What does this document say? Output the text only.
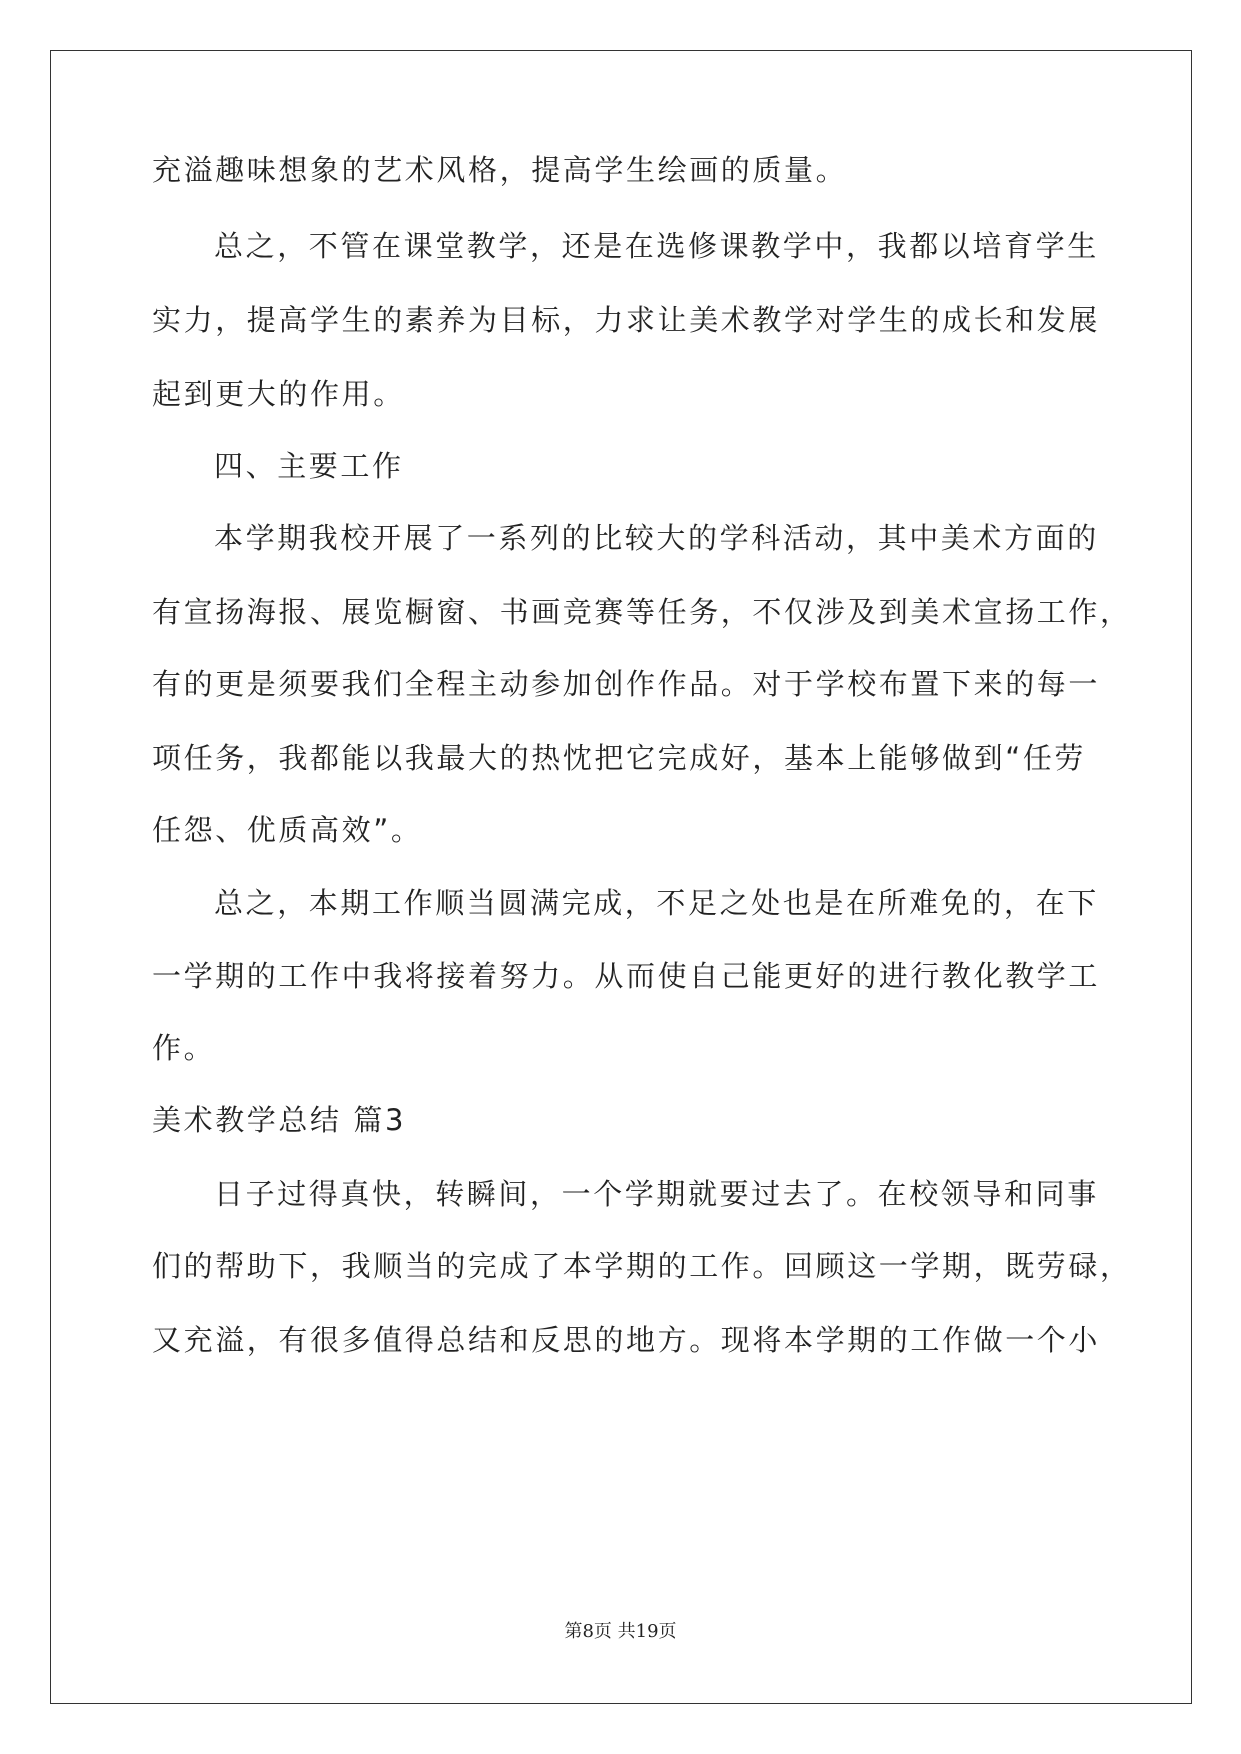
充溢趣味想象的艺术风格，提高学生绘画的质量。
总之，不管在课堂教学，还是在选修课教学中，我都以培育学生
实力，提高学生的素养为目标，力求让美术教学对学生的成长和发展
起到更大的作用。
四、主要工作
本学期我校开展了一系列的比较大的学科活动，其中美术方面的
有宣扬海报、展览橱窗、书画竞赛等任务，不仅涉及到美术宣扬工作，
有的更是须要我们全程主动参加创作作品。对于学校布置下来的每一
项任务，我都能以我最大的热忱把它完成好，基本上能够做到“任劳
任怨、优质高效”。
总之，本期工作顺当圆满完成，不足之处也是在所难免的，在下
一学期的工作中我将接着努力。从而使自己能更好的进行教化教学工
作。
美术教学总结 篇3
日子过得真快，转瞬间，一个学期就要过去了。在校领导和同事
们的帮助下，我顺当的完成了本学期的工作。回顾这一学期，既劳碌，
又充溢，有很多值得总结和反思的地方。现将本学期的工作做一个小
第8页 共19页
